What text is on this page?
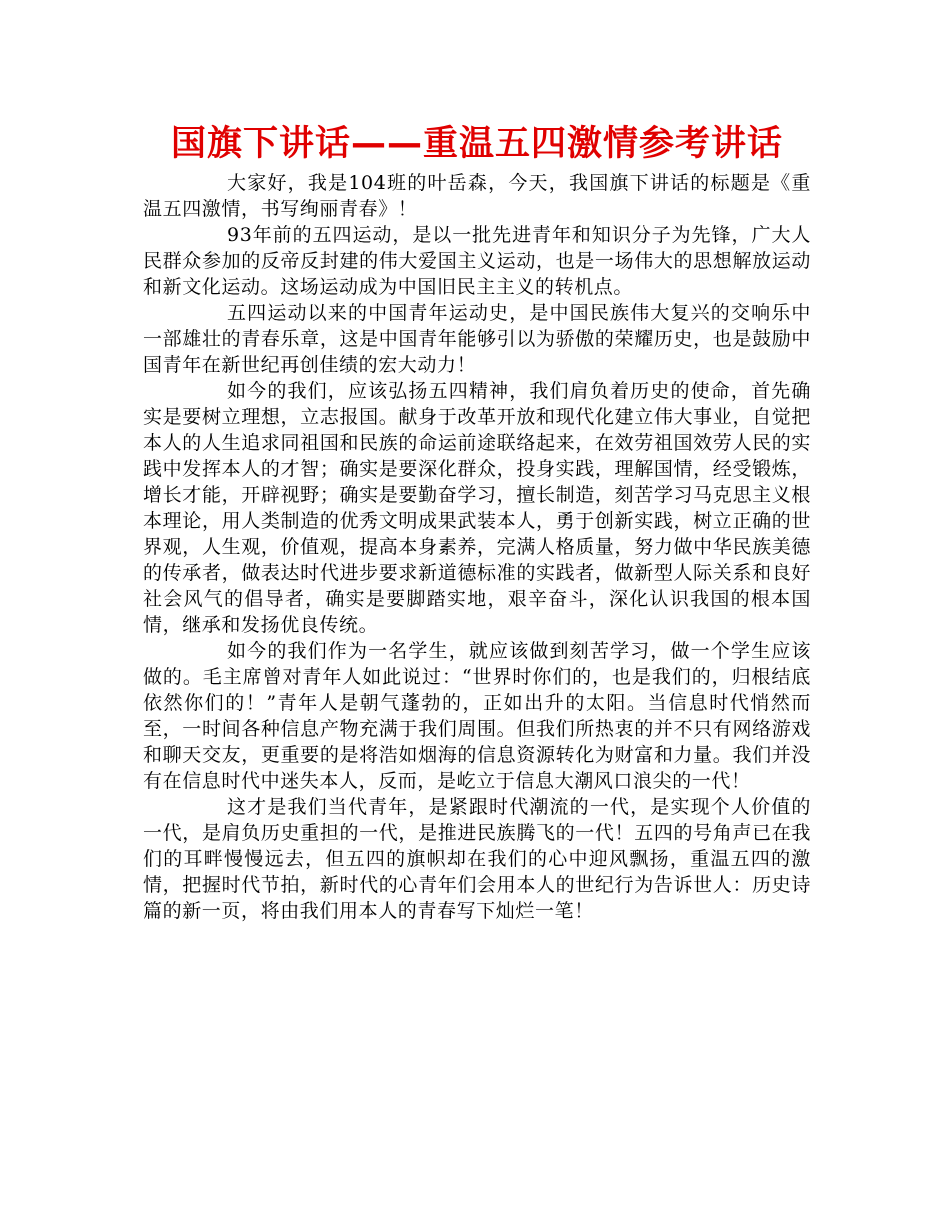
国旗下讲话——重温五四激情参考讲话

大家好，我是104班的叶岳森，今天，我国旗下讲话的标题是《重温五四激情，书写绚丽青春》！

93年前的五四运动，是以一批先进青年和知识分子为先锋，广大人民群众参加的反帝反封建的伟大爱国主义运动，也是一场伟大的思想解放运动和新文化运动。这场运动成为中国旧民主主义的转机点。

五四运动以来的中国青年运动史，是中国民族伟大复兴的交响乐中一部雄壮的青春乐章，这是中国青年能够引以为骄傲的荣耀历史，也是鼓励中国青年在新世纪再创佳绩的宏大动力！

如今的我们，应该弘扬五四精神，我们肩负着历史的使命，首先确实是要树立理想，立志报国。献身于改革开放和现代化建立伟大事业，自觉把本人的人生追求同祖国和民族的命运前途联络起来，在效劳祖国效劳人民的实践中发挥本人的才智；确实是要深化群众，投身实践，理解国情，经受锻炼，增长才能，开辟视野；确实是要勤奋学习，擅长制造，刻苦学习马克思主义根本理论，用人类制造的优秀文明成果武装本人，勇于创新实践，树立正确的世界观，人生观，价值观，提高本身素养，完满人格质量，努力做中华民族美德的传承者，做表达时代进步要求新道德标准的实践者，做新型人际关系和良好社会风气的倡导者，确实是要脚踏实地，艰辛奋斗，深化认识我国的根本国情，继承和发扬优良传统。

如今的我们作为一名学生，就应该做到刻苦学习，做一个学生应该做的。毛主席曾对青年人如此说过：“世界时你们的，也是我们的，归根结底依然你们的！”青年人是朝气蓬勃的，正如出升的太阳。当信息时代悄然而至，一时间各种信息产物充满于我们周围。但我们所热衷的并不只有网络游戏和聊天交友，更重要的是将浩如烟海的信息资源转化为财富和力量。我们并没有在信息时代中迷失本人，反而，是屹立于信息大潮风口浪尖的一代！

这才是我们当代青年，是紧跟时代潮流的一代，是实现个人价值的一代，是肩负历史重担的一代，是推进民族腾飞的一代！五四的号角声已在我们的耳畔慢慢远去，但五四的旗帜却在我们的心中迎风飘扬，重温五四的激情，把握时代节拍，新时代的心青年们会用本人的世纪行为告诉世人：历史诗篇的新一页，将由我们用本人的青春写下灿烂一笔！
